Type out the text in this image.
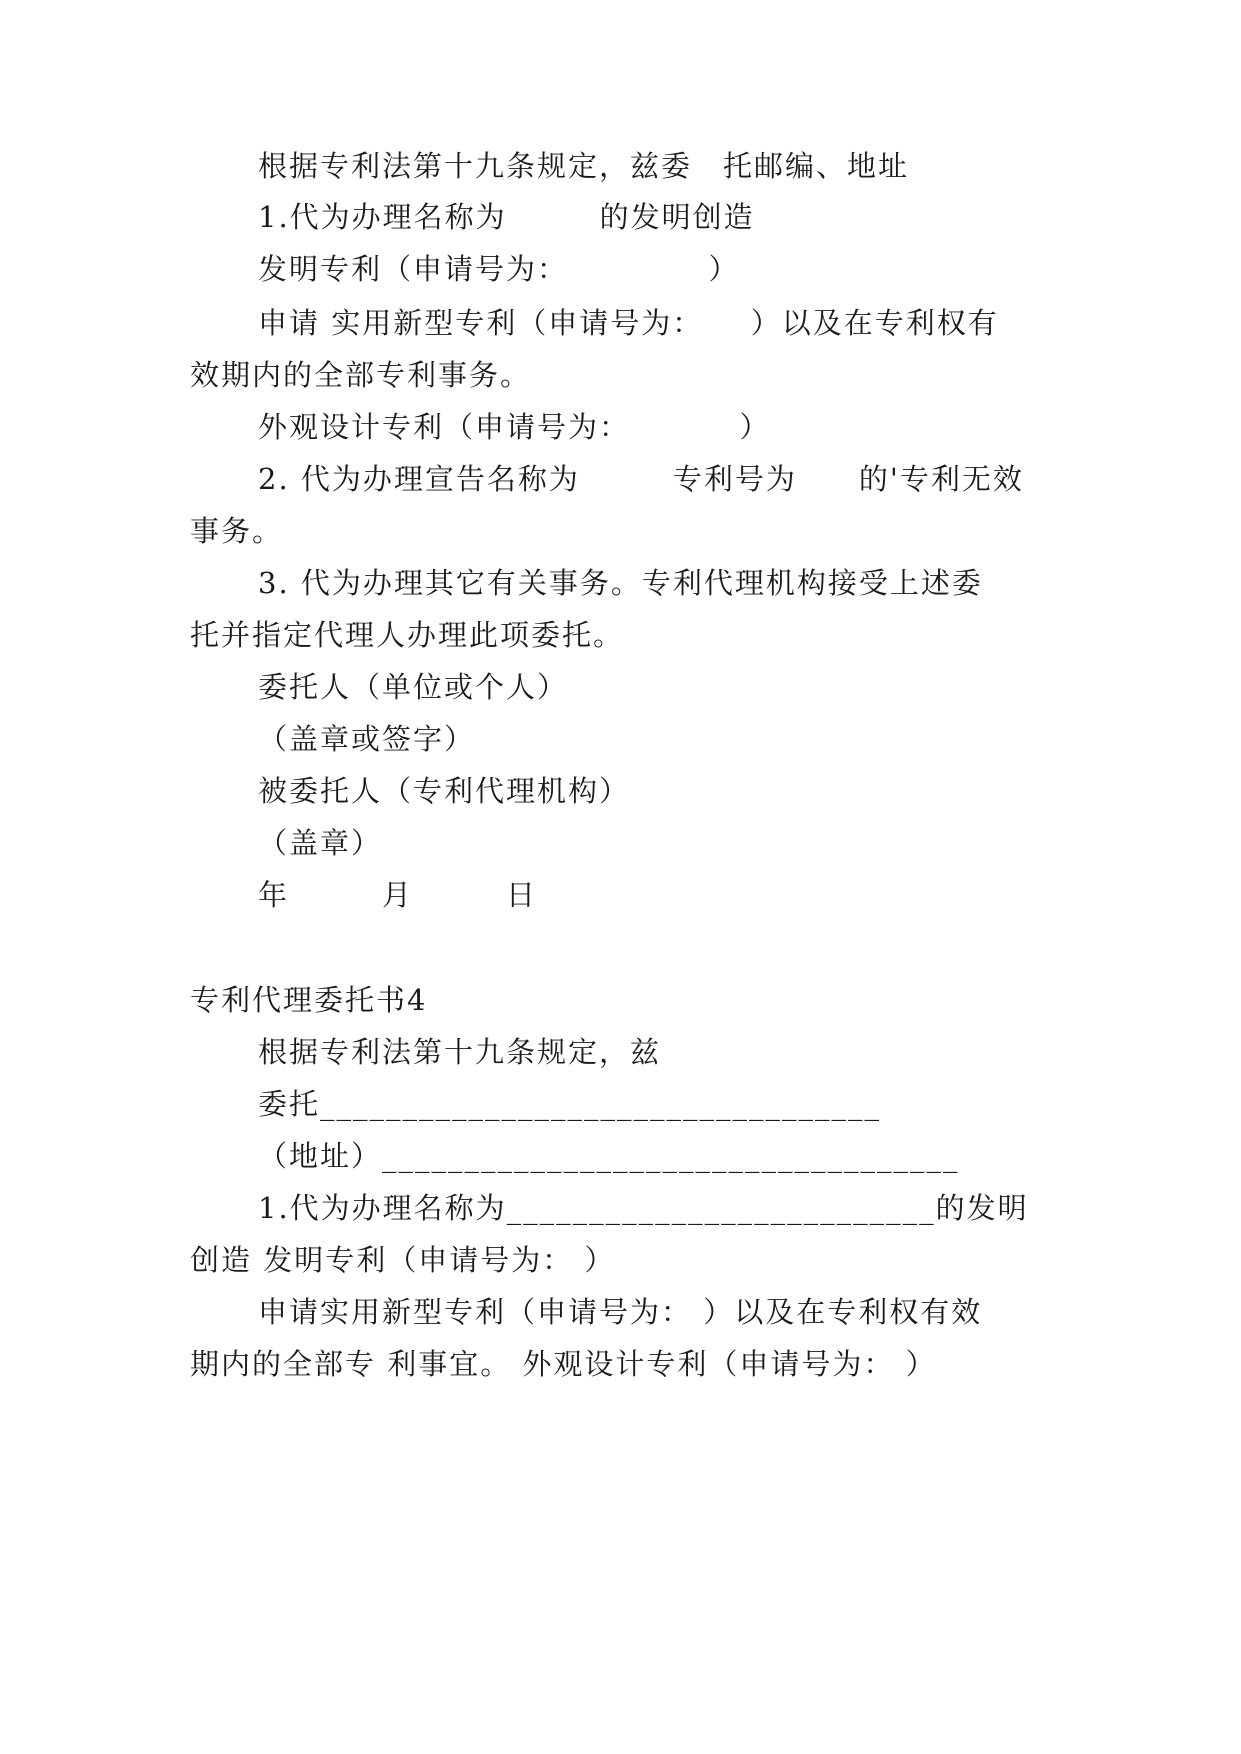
根据专利法第十九条规定，兹委　托邮编、地址
1.代为办理名称为　　　的发明创造
发明专利（申请号为：　　　　　）
申请 实用新型专利（申请号为：　　）以及在专利权有
效期内的全部专利事务。
外观设计专利（申请号为：　　　　）
2. 代为办理宣告名称为　　　专利号为　　的'专利无效
事务。
3. 代为办理其它有关事务。专利代理机构接受上述委
托并指定代理人办理此项委托。
委托人（单位或个人）
（盖章或签字）
被委托人（专利代理机构）
（盖章）
年　　　月　　　日
专利代理委托书4
根据专利法第十九条规定，兹
委托__________________________________
（地址）___________________________________
1.代为办理名称为__________________________的发明
创造 发明专利（申请号为： ）
申请实用新型专利（申请号为： ）以及在专利权有效
期内的全部专 利事宜。 外观设计专利（申请号为： ）
